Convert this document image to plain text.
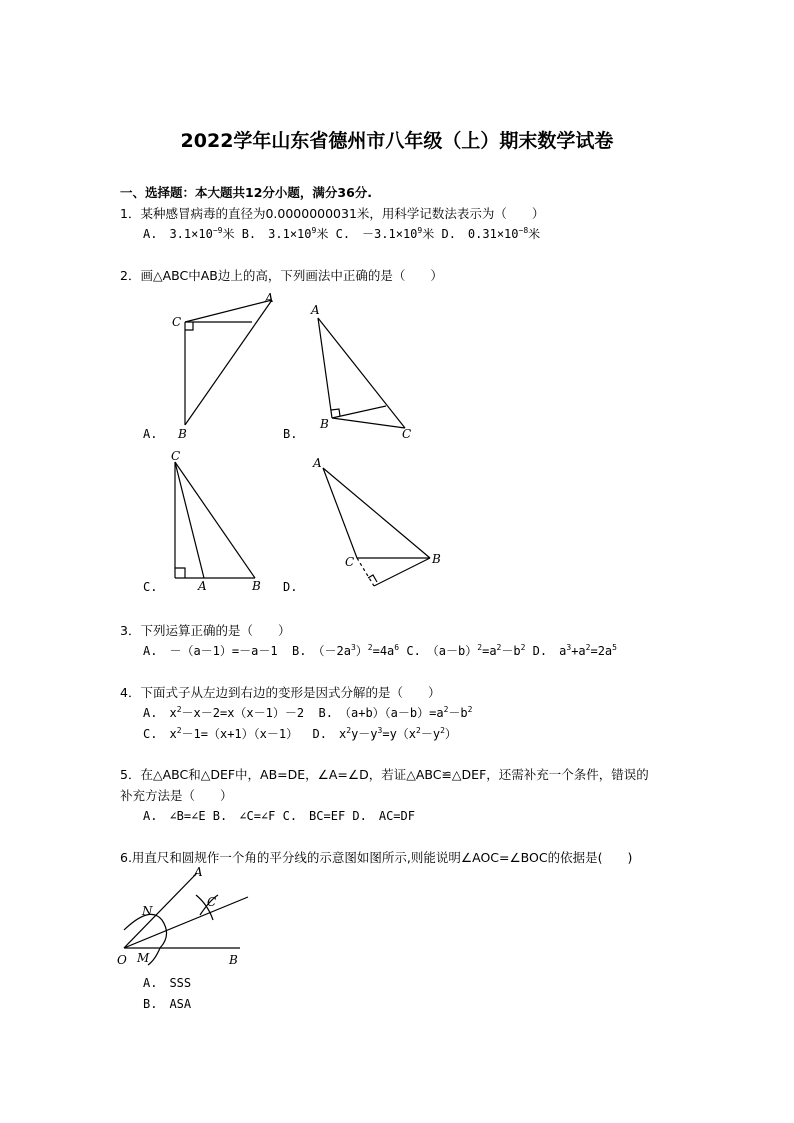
2022学年山东省德州市八年级（上）期末数学试卷
一、选择题：本大题共12分小题，满分36分.
1．某种感冒病毒的直径为0.0000000031米，用科学记数法表示为（　　）
A.　$3.1\times 10^{-9}$米 B.　$3.1\times 10^9$米 C.　$-3.1\times 10^9$米 D.　$0.31\times 10^{-8}$米
2．画△ABC中AB边上的高，下列画法中正确的是（　　）
A.	B.
C.	D.
C
A
B
A
B
C
C
A	B
A
C	B
3．下列运算正确的是（　　）
A.　－（a－1）=－a－1 B.　$(-2a^3)^2=4a^6$ C.　$(a-b)^2=a^2-b^2$ D.　$a^3+a^2=2a^5$
4．下面式子从左边到右边的变形是因式分解的是（　　）
A.　$x^2-x-2=x(x-1)-2$ B.　$(a+b)(a-b)=a^2-b^2$
C.　$x^2-1=(x+1)(x-1)$ D.　$x^2y-y^3=y(x^2-y^2)$
5．在△ABC和△DEF中，AB=DE，∠A=∠D，若证△ABC≌△DEF，还需补充一个条件，错误的
补充方法是（　　）
A.　∠B=∠E B.　∠C=∠F C.　BC=EF D.　AC=DF
6.用直尺和圆规作一个角的平分线的示意图如图所示,则能说明∠AOC=∠BOC的依据是(　　)
A
N
C
O M	B
A.　SSS
B.　ASA
